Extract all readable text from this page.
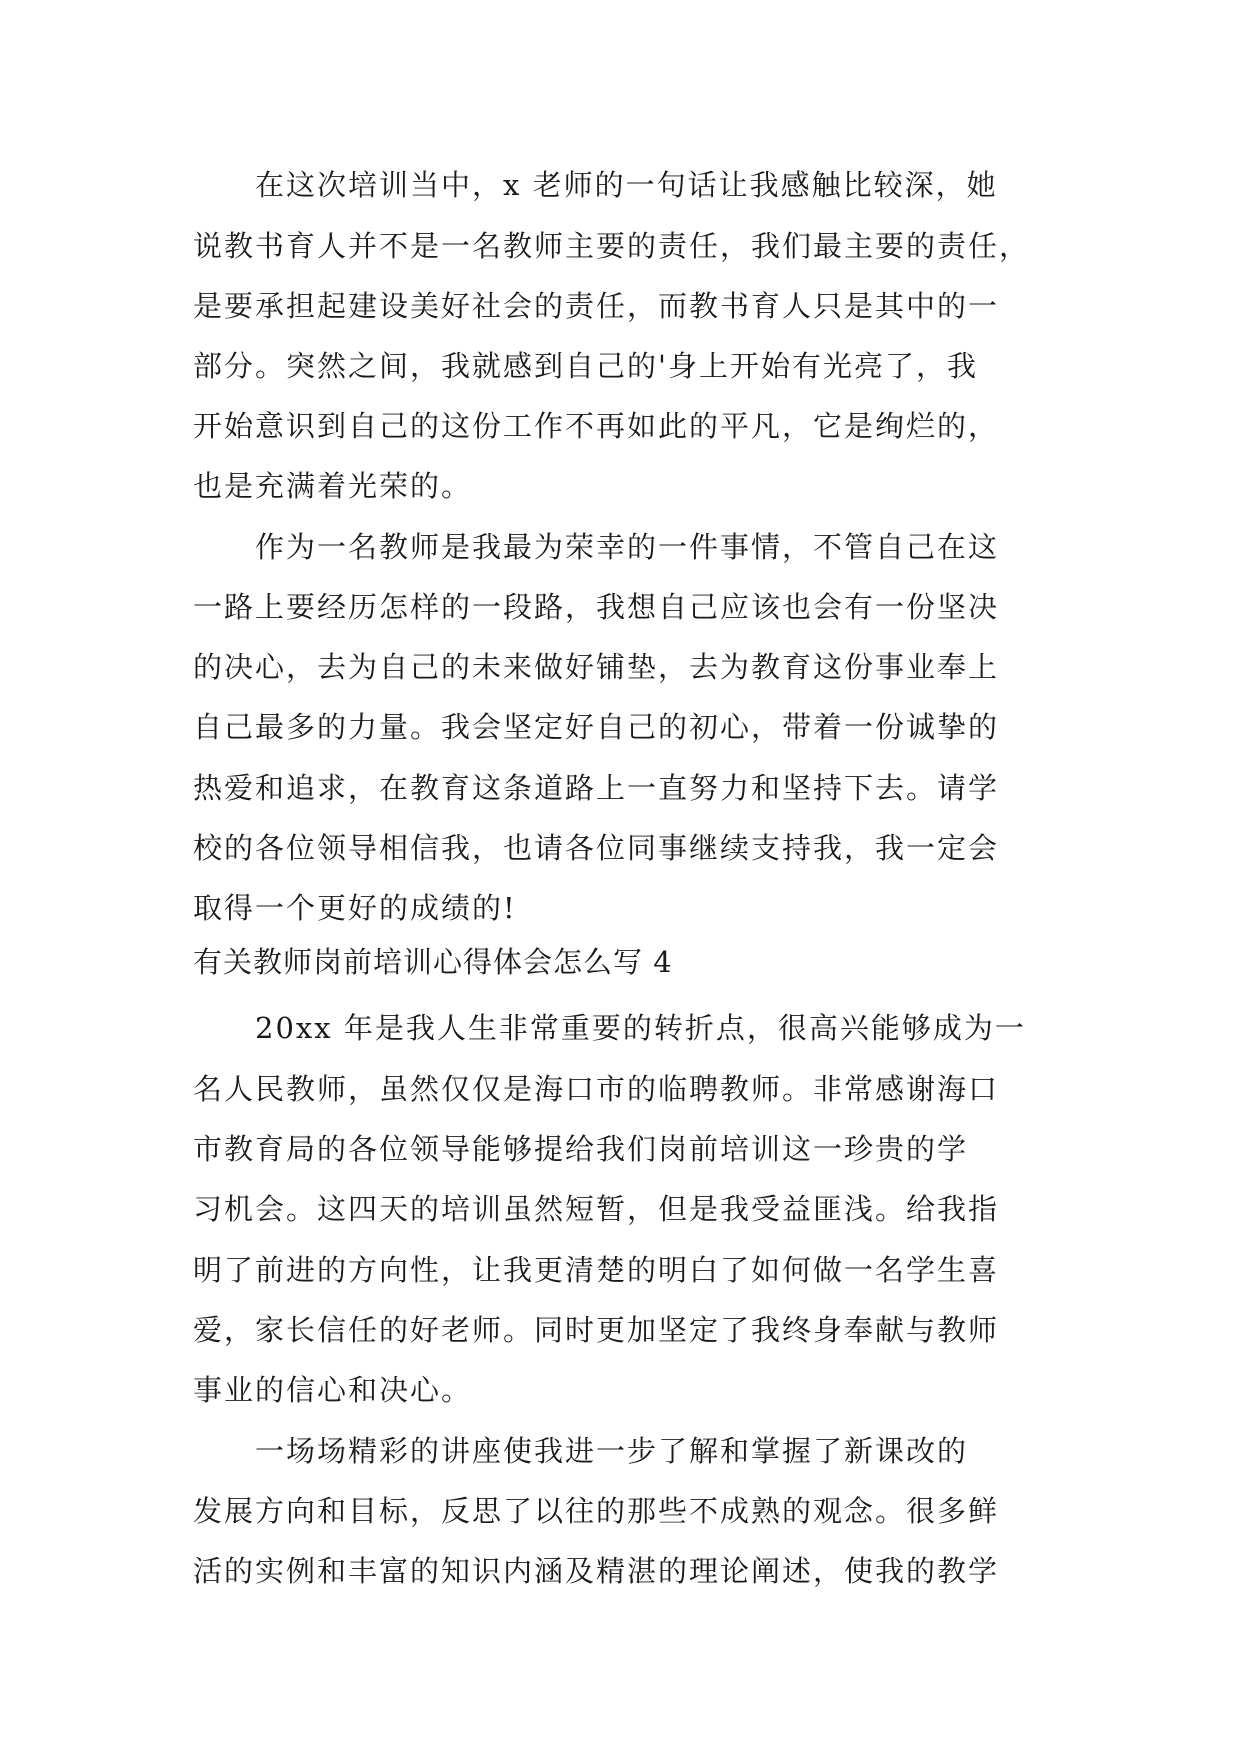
在这次培训当中，x 老师的一句话让我感触比较深，她
说教书育人并不是一名教师主要的责任，我们最主要的责任，
是要承担起建设美好社会的责任，而教书育人只是其中的一
部分。突然之间，我就感到自己的'身上开始有光亮了，我
开始意识到自己的这份工作不再如此的平凡，它是绚烂的，
也是充满着光荣的。
作为一名教师是我最为荣幸的一件事情，不管自己在这
一路上要经历怎样的一段路，我想自己应该也会有一份坚决
的决心，去为自己的未来做好铺垫，去为教育这份事业奉上
自己最多的力量。我会坚定好自己的初心，带着一份诚挚的
热爱和追求，在教育这条道路上一直努力和坚持下去。请学
校的各位领导相信我，也请各位同事继续支持我，我一定会
取得一个更好的成绩的!
有关教师岗前培训心得体会怎么写 4
20xx 年是我人生非常重要的转折点，很高兴能够成为一
名人民教师，虽然仅仅是海口市的临聘教师。非常感谢海口
市教育局的各位领导能够提给我们岗前培训这一珍贵的学
习机会。这四天的培训虽然短暂，但是我受益匪浅。给我指
明了前进的方向性，让我更清楚的明白了如何做一名学生喜
爱，家长信任的好老师。同时更加坚定了我终身奉献与教师
事业的信心和决心。
一场场精彩的讲座使我进一步了解和掌握了新课改的
发展方向和目标，反思了以往的那些不成熟的观念。很多鲜
活的实例和丰富的知识内涵及精湛的理论阐述，使我的教学
